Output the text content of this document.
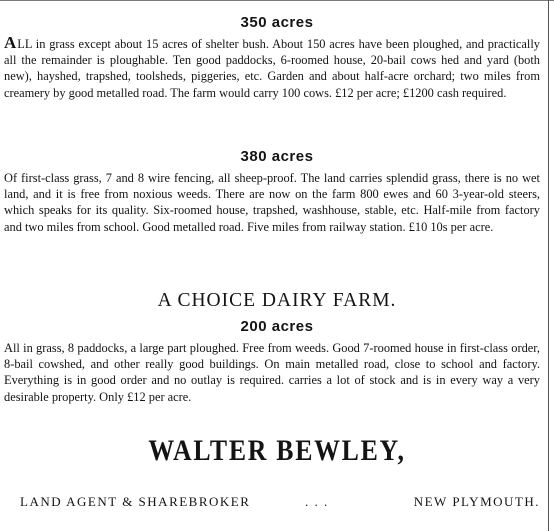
350 acres
ALL in grass except about 15 acres of shelter bush. About 150 acres have been ploughed, and practically all the remainder is ploughable. Ten good paddocks, 6-roomed house, 20-bail cows hed and yard (both new), hayshed, trapshed, toolsheds, piggeries, etc. Garden and about half-acre orchard; two miles from creamery by good metalled road. The farm would carry 100 cows. £12 per acre; £1200 cash required.
380 acres
Of first-class grass, 7 and 8 wire fencing, all sheep-proof. The land carries splendid grass, there is no wet land, and it is free from noxious weeds. There are now on the farm 800 ewes and 60 3-year-old steers, which speaks for its quality. Six-roomed house, trapshed, washhouse, stable, etc. Half-mile from factory and two miles from school. Good metalled road. Five miles from railway station. £10 10s per acre.
A CHOICE DAIRY FARM.
200 acres
All in grass, 8 paddocks, a large part ploughed. Free from weeds. Good 7-roomed house in first-class order, 8-bail cowshed, and other really good buildings. On main metalled road, close to school and factory. Everything is in good order and no outlay is required. carries a lot of stock and is in every way a very desirable property. Only £12 per acre.
WALTER BEWLEY,
LAND AGENT & SHAREBROKER	. . .	NEW PLYMOUTH.
